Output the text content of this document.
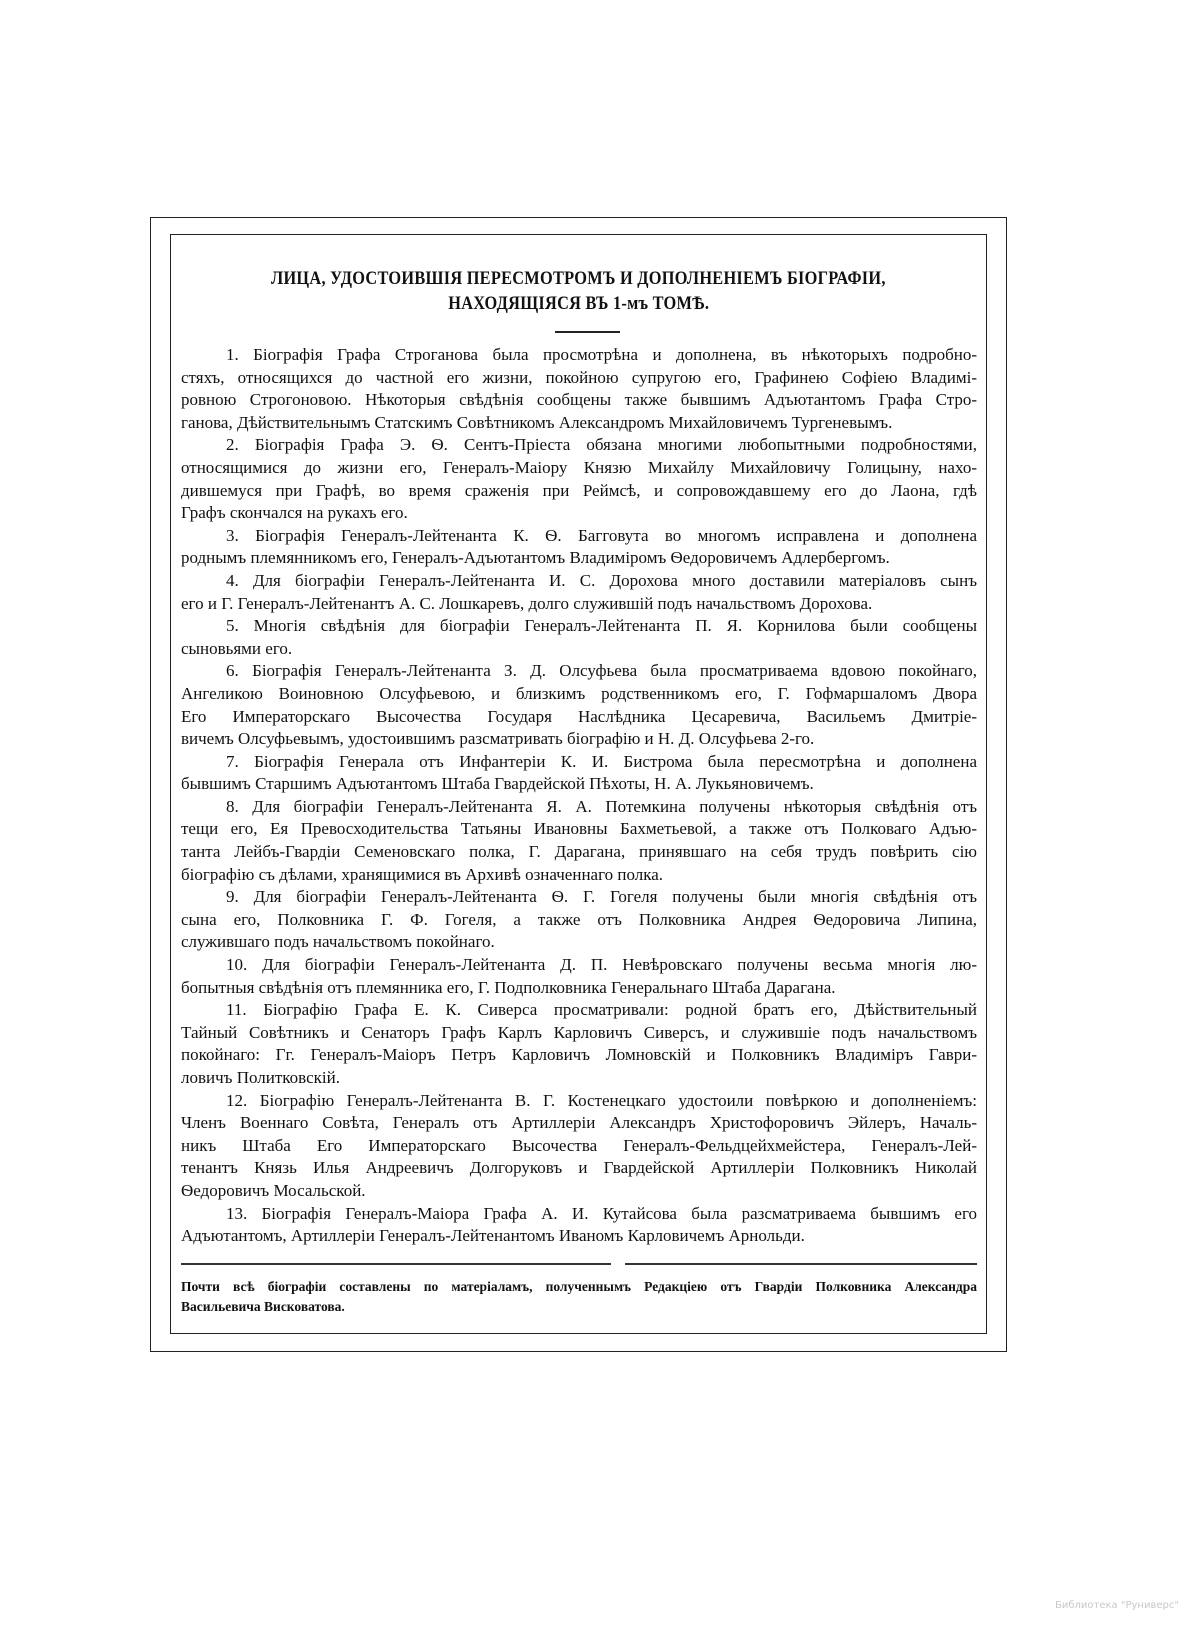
ЛИЦА, УДОСТОИВШІЯ ПЕРЕСМОТРОМЪ И ДОПОЛНЕНІЕМЪ БІОГРАФІИ,
НАХОДЯЩІЯСЯ ВЪ 1-мъ ТОМѢ.
1. Біографія Графа Строганова была просмотрѣна и дополнена, въ нѣкоторыхъ подробно-
стяхъ, относящихся до частной его жизни, покойною супругою его, Графинею Софіею Владимі-
ровною Строгоновою. Нѣкоторыя свѣдѣнія сообщены также бывшимъ Адъютантомъ Графа Стро-
ганова, Дѣйствительнымъ Статскимъ Совѣтникомъ Александромъ Михайловичемъ Тургеневымъ.
2. Біографія Графа Э. Ѳ. Сентъ-Пріеста обязана многими любопытными подробностями,
относящимися до жизни его, Генералъ-Маіору Князю Михайлу Михайловичу Голицыну, нахо-
дившемуся при Графѣ, во время сраженія при Реймсѣ, и сопровождавшему его до Лаона, гдѣ
Графъ скончался на рукахъ его.
3. Біографія Генералъ-Лейтенанта К. Ѳ. Багговута во многомъ исправлена и дополнена
роднымъ племянникомъ его, Генералъ-Адъютантомъ Владиміромъ Ѳедоровичемъ Адлербергомъ.
4. Для біографіи Генералъ-Лейтенанта И. С. Дорохова много доставили матеріаловъ сынъ
его и Г. Генералъ-Лейтенантъ А. С. Лошкаревъ, долго служившій подъ начальствомъ Дорохова.
5. Многія свѣдѣнія для біографіи Генералъ-Лейтенанта П. Я. Корнилова были сообщены
сыновьями его.
6. Біографія Генералъ-Лейтенанта З. Д. Олсуфьева была просматриваема вдовою покойнаго,
Ангеликою Воиновною Олсуфьевою, и близкимъ родственникомъ его, Г. Гофмаршаломъ Двора
Его Императорскаго Высочества Государя Наслѣдника Цесаревича, Васильемъ Дмитріе-
вичемъ Олсуфьевымъ, удостоившимъ разсматривать біографію и Н. Д. Олсуфьева 2-го.
7. Біографія Генерала отъ Инфантеріи К. И. Бистрома была пересмотрѣна и дополнена
бывшимъ Старшимъ Адъютантомъ Штаба Гвардейской Пѣхоты, Н. А. Лукьяновичемъ.
8. Для біографіи Генералъ-Лейтенанта Я. А. Потемкина получены нѣкоторыя свѣдѣнія отъ
тещи его, Ея Превосходительства Татьяны Ивановны Бахметьевой, а также отъ Полковаго Адъю-
танта Лейбъ-Гвардіи Семеновскаго полка, Г. Дарагана, принявшаго на себя трудъ повѣрить сію
біографію съ дѣлами, хранящимися въ Архивѣ означеннаго полка.
9. Для біографіи Генералъ-Лейтенанта Ѳ. Г. Гогеля получены были многія свѣдѣнія отъ
сына его, Полковника Г. Ф. Гогеля, а также отъ Полковника Андрея Ѳедоровича Липина,
служившаго подъ начальствомъ покойнаго.
10. Для біографіи Генералъ-Лейтенанта Д. П. Невѣровскаго получены весьма многія лю-
бопытныя свѣдѣнія отъ племянника его, Г. Подполковника Генеральнаго Штаба Дарагана.
11. Біографію Графа Е. К. Сиверса просматривали: родной братъ его, Дѣйствительный
Тайный Совѣтникъ и Сенаторъ Графъ Карлъ Карловичъ Сиверсъ, и служившіе подъ начальствомъ
покойнаго: Гг. Генералъ-Маіоръ Петръ Карловичъ Ломновскій и Полковникъ Владиміръ Гаври-
ловичъ Политковскій.
12. Біографію Генералъ-Лейтенанта В. Г. Костенецкаго удостоили повѣркою и дополненіемъ:
Членъ Военнаго Совѣта, Генералъ отъ Артиллеріи Александръ Христофоровичъ Эйлеръ, Началь-
никъ Штаба Его Императорскаго Высочества Генералъ-Фельдцейхмейстера, Генералъ-Лей-
тенантъ Князь Илья Андреевичъ Долгоруковъ и Гвардейской Артиллеріи Полковникъ Николай
Ѳедоровичъ Мосальской.
13. Біографія Генералъ-Маіора Графа А. И. Кутайсова была разсматриваема бывшимъ его
Адъютантомъ, Артиллеріи Генералъ-Лейтенантомъ Иваномъ Карловичемъ Арнольди.
Почти всѣ біографіи составлены по матеріаламъ, полученнымъ Редакціею отъ Гвардіи Полковника Александра
Васильевича Висковатова.
Библиотека "Руниверс"
